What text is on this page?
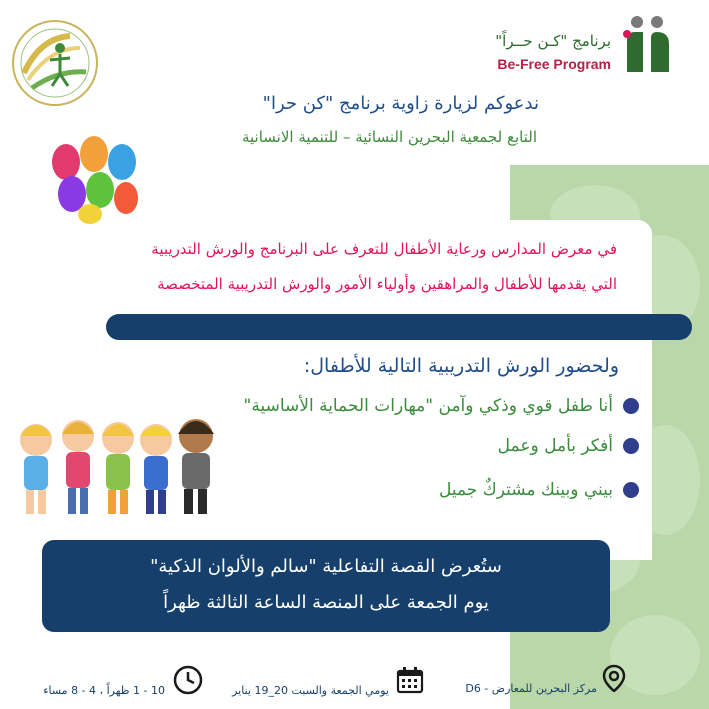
برنامج "كـن حــراً"
Be-Free Program
ندعوكم لزيارة زاوية برنامج "كن حرا"
التابع لجمعية البحرين النسائية – للتنمية الانسانية
في معرض المدارس ورعاية الأطفال للتعرف على البرنامج والورش التدريبية
التي يقدمها للأطفال والمراهقين وأولياء الأمور والورش التدريبية المتخصصة
ولحضور الورش التدريبية التالية للأطفال:
أنا طفل قوي وذكي وآمن "مهارات الحماية الأساسية"
أفكر بأمل وعمل
بيني وبينك مشتركٌ جميل
ستُعرض القصة التفاعلية "سالم والألوان الذكية"
يوم الجمعة على المنصة الساعة الثالثة ظهراً
مركز البحرين للمعارض - D6
يومي الجمعة والسبت 20_19 يناير
10 - 1 ظهراً ، 4 - 8 مساء
